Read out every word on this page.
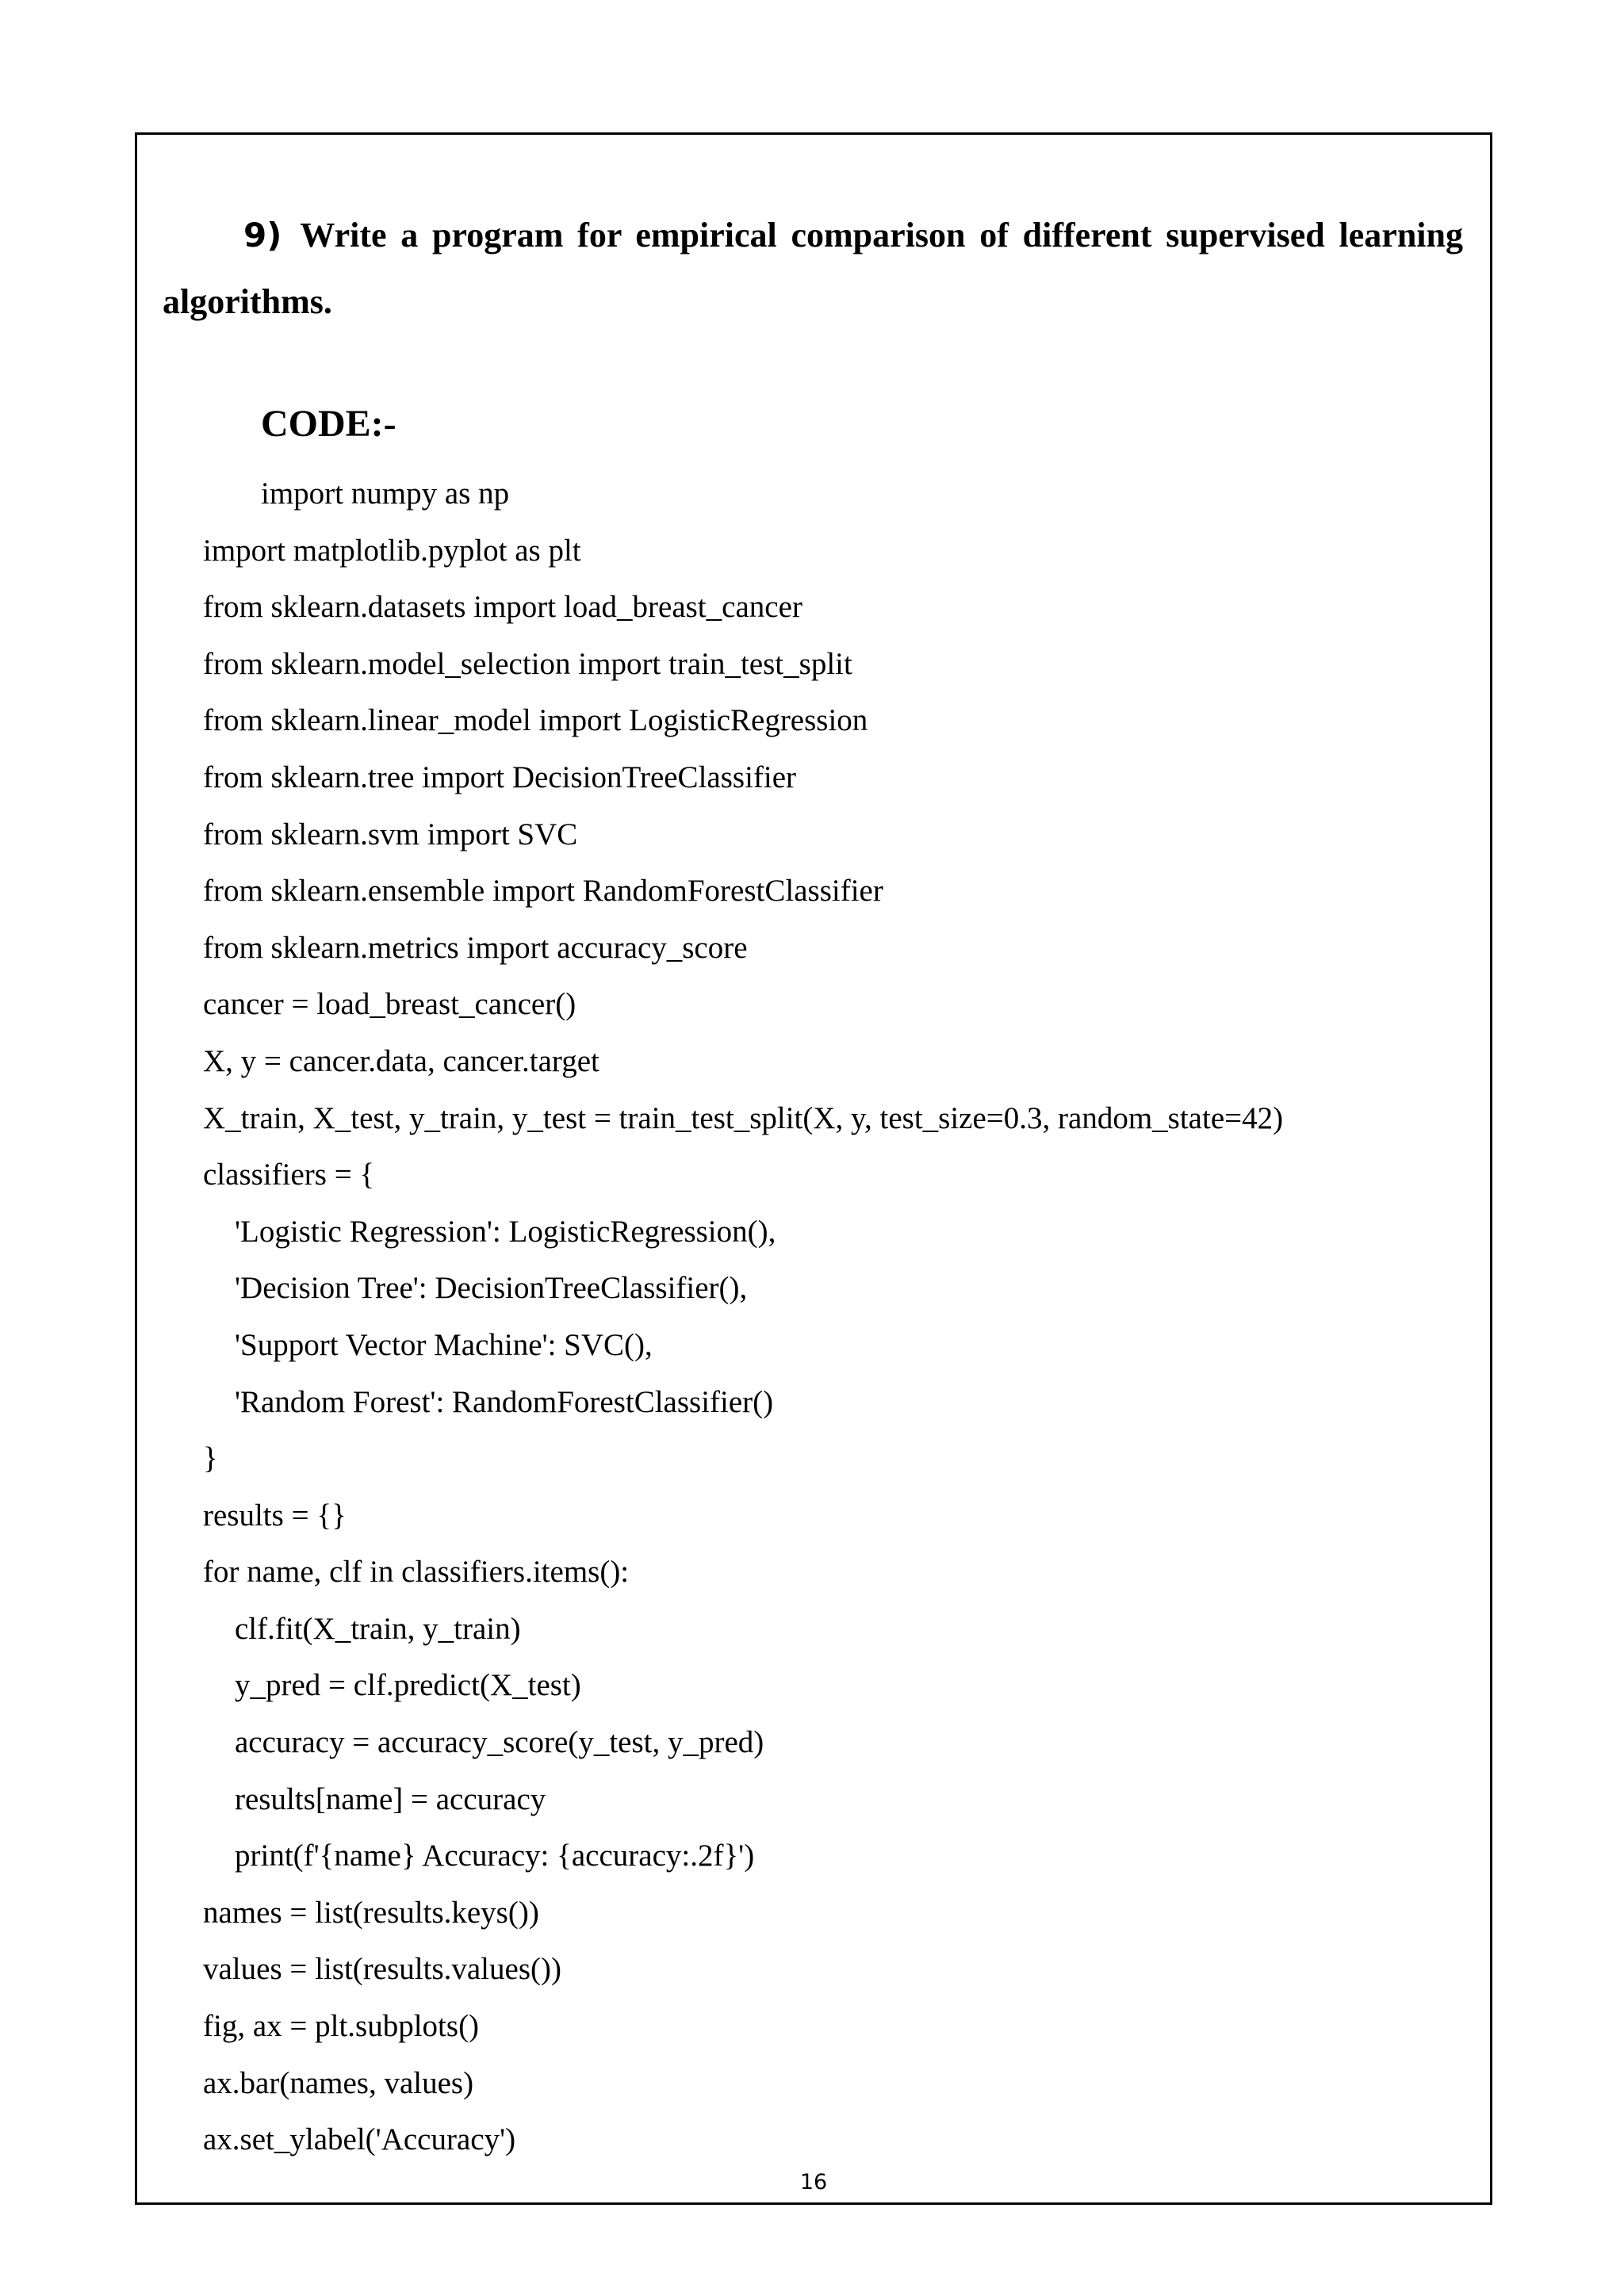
9) Write a program for empirical comparison of different supervised learning algorithms.
CODE:-
import numpy as np
import matplotlib.pyplot as plt
from sklearn.datasets import load_breast_cancer
from sklearn.model_selection import train_test_split
from sklearn.linear_model import LogisticRegression
from sklearn.tree import DecisionTreeClassifier
from sklearn.svm import SVC
from sklearn.ensemble import RandomForestClassifier
from sklearn.metrics import accuracy_score
cancer = load_breast_cancer()
X, y = cancer.data, cancer.target
X_train, X_test, y_train, y_test = train_test_split(X, y, test_size=0.3, random_state=42)
classifiers = {
'Logistic Regression': LogisticRegression(),
'Decision Tree': DecisionTreeClassifier(),
'Support Vector Machine': SVC(),
'Random Forest': RandomForestClassifier()
}
results = {}
for name, clf in classifiers.items():
clf.fit(X_train, y_train)
y_pred = clf.predict(X_test)
accuracy = accuracy_score(y_test, y_pred)
results[name] = accuracy
print(f'{name} Accuracy: {accuracy:.2f}')
names = list(results.keys())
values = list(results.values())
fig, ax = plt.subplots()
ax.bar(names, values)
ax.set_ylabel('Accuracy')
16
